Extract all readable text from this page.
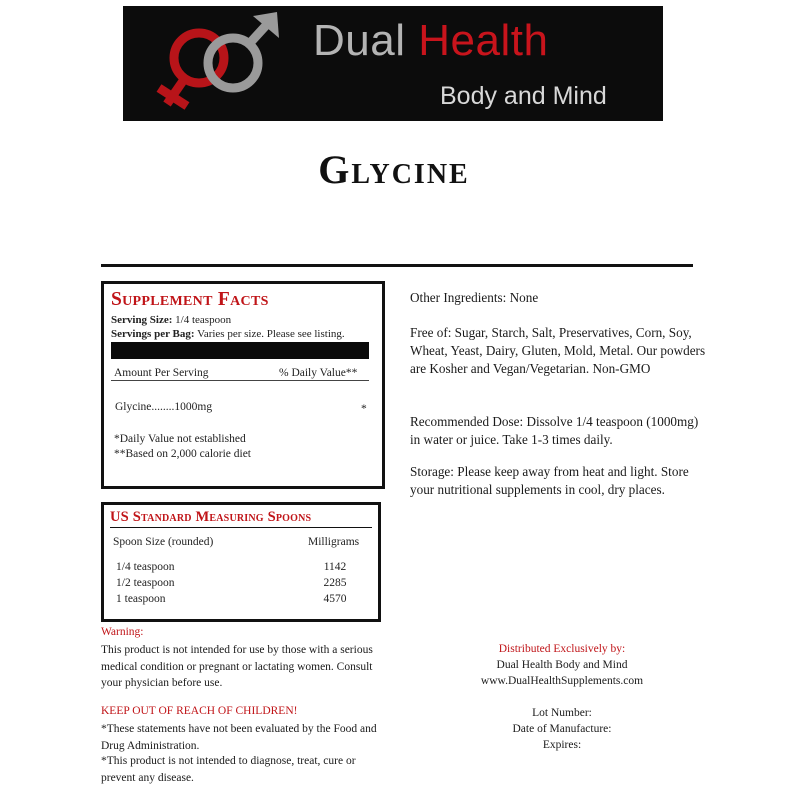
Dual Health
Body and Mind
Glycine
Supplement Facts
Serving Size: 1/4 teaspoon
Servings per Bag: Varies per size. Please see listing.
Amount Per Serving	% Daily Value**
Glycine........1000mg	*
*Daily Value not established
**Based on 2,000 calorie diet
US Standard Measuring Spoons
Spoon Size (rounded)	Milligrams
1/4 teaspoon	1142
1/2 teaspoon	2285
1 teaspoon	4570
Other Ingredients: None
Free of: Sugar, Starch, Salt, Preservatives, Corn, Soy, Wheat, Yeast, Dairy, Gluten, Mold, Metal. Our powders are Kosher and Vegan/Vegetarian. Non-GMO
Recommended Dose: Dissolve 1/4 teaspoon (1000mg) in water or juice. Take 1-3 times daily.
Storage: Please keep away from heat and light. Store your nutritional supplements in cool, dry places.
Warning:
This product is not intended for use by those with a serious medical condition or pregnant or lactating women. Consult your physician before use.
KEEP OUT OF REACH OF CHILDREN!
*These statements have not been evaluated by the Food and Drug Administration.
*This product is not intended to diagnose, treat, cure or prevent any disease.
Distributed Exclusively by:
Dual Health Body and Mind
www.DualHealthSupplements.com
Lot Number:
Date of Manufacture:
Expires:
